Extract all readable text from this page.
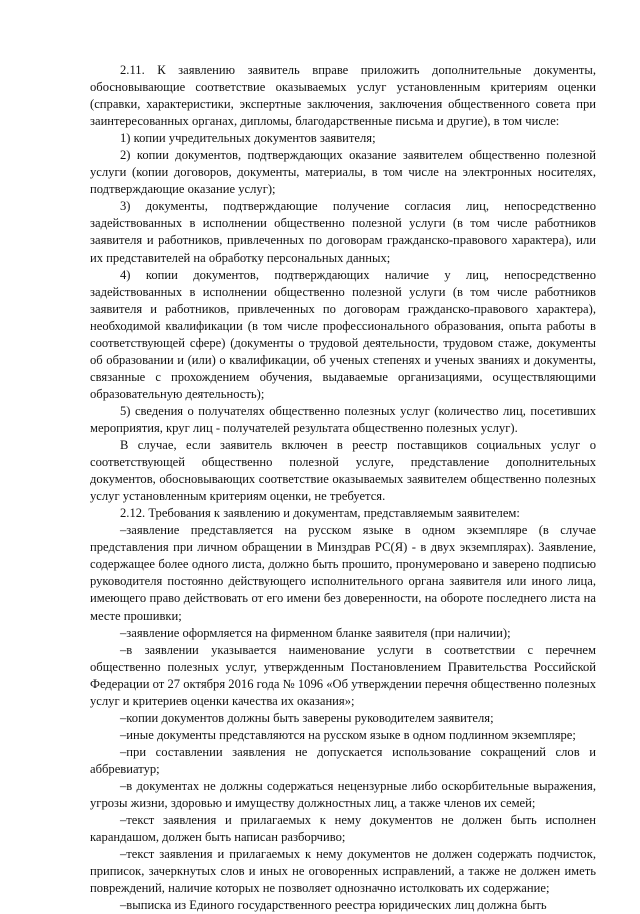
2.11. К заявлению заявитель вправе приложить дополнительные документы, обосновывающие соответствие оказываемых услуг установленным критериям оценки (справки, характеристики, экспертные заключения, заключения общественного совета при заинтересованных органах, дипломы, благодарственные письма и другие), в том числе:

1) копии учредительных документов заявителя;

2) копии документов, подтверждающих оказание заявителем общественно полезной услуги (копии договоров, документы, материалы, в том числе на электронных носителях, подтверждающие оказание услуг);

3) документы, подтверждающие получение согласия лиц, непосредственно задействованных в исполнении общественно полезной услуги (в том числе работников заявителя и работников, привлеченных по договорам гражданско-правового характера), или их представителей на обработку персональных данных;

4) копии документов, подтверждающих наличие у лиц, непосредственно задействованных в исполнении общественно полезной услуги (в том числе работников заявителя и работников, привлеченных по договорам гражданско-правового характера), необходимой квалификации (в том числе профессионального образования, опыта работы в соответствующей сфере) (документы о трудовой деятельности, трудовом стаже, документы об образовании и (или) о квалификации, об ученых степенях и ученых званиях и документы, связанные с прохождением обучения, выдаваемые организациями, осуществляющими образовательную деятельность);

5) сведения о получателях общественно полезных услуг (количество лиц, посетивших мероприятия, круг лиц - получателей результата общественно полезных услуг).

В случае, если заявитель включен в реестр поставщиков социальных услуг о соответствующей общественно полезной услуге, представление дополнительных документов, обосновывающих соответствие оказываемых заявителем общественно полезных услуг установленным критериям оценки, не требуется.

2.12. Требования к заявлению и документам, представляемым заявителем:

–заявление представляется на русском языке в одном экземпляре (в случае представления при личном обращении в Минздрав РС(Я) - в двух экземплярах). Заявление, содержащее более одного листа, должно быть прошито, пронумеровано и заверено подписью руководителя постоянно действующего исполнительного органа заявителя или иного лица, имеющего право действовать от его имени без доверенности, на обороте последнего листа на месте прошивки;

–заявление оформляется на фирменном бланке заявителя (при наличии);

–в заявлении указывается наименование услуги в соответствии с перечнем общественно полезных услуг, утвержденным Постановлением Правительства Российской Федерации от 27 октября 2016 года № 1096 «Об утверждении перечня общественно полезных услуг и критериев оценки качества их оказания»;

–копии документов должны быть заверены руководителем заявителя;

–иные документы представляются на русском языке в одном подлинном экземпляре;

–при составлении заявления не допускается использование сокращений слов и аббревиатур;

–в документах не должны содержаться нецензурные либо оскорбительные выражения, угрозы жизни, здоровью и имуществу должностных лиц, а также членов их семей;

–текст заявления и прилагаемых к нему документов не должен быть исполнен карандашом, должен быть написан разборчиво;

–текст заявления и прилагаемых к нему документов не должен содержать подчисток, приписок, зачеркнутых слов и иных не оговоренных исправлений, а также не должен иметь повреждений, наличие которых не позволяет однозначно истолковать их содержание;

–выписка из Единого государственного реестра юридических лиц должна быть
